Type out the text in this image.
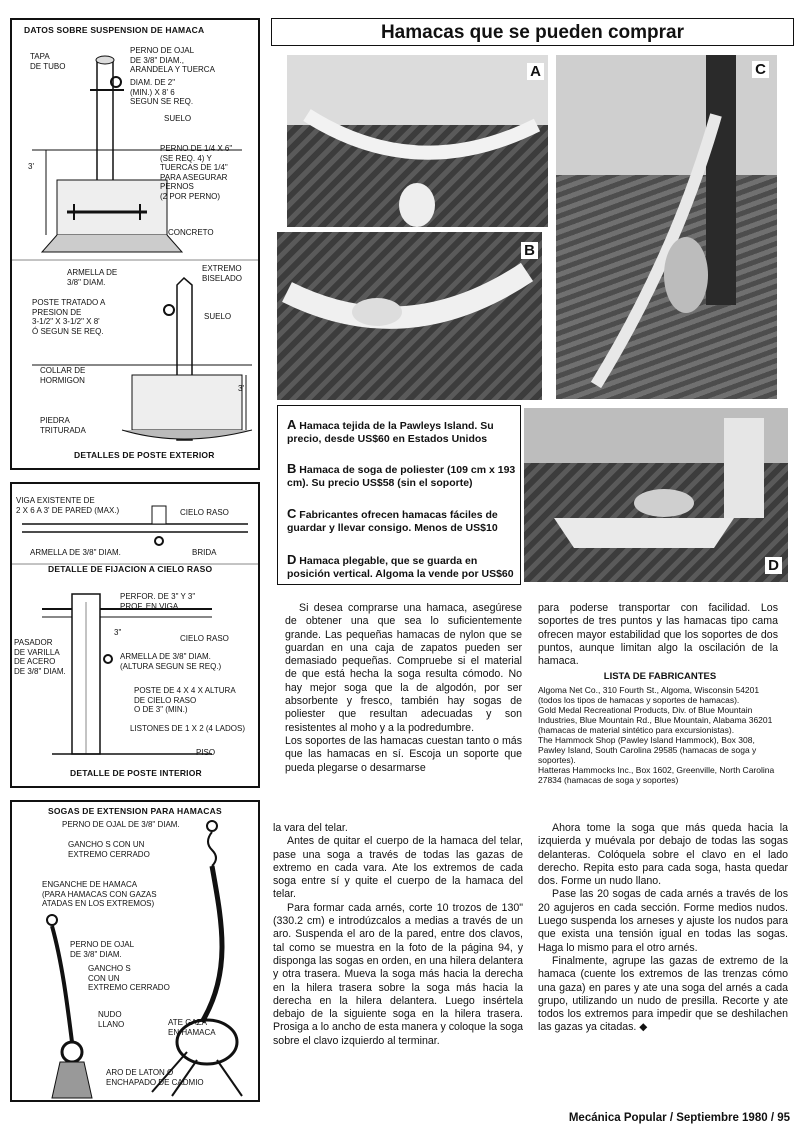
DATOS SOBRE SUSPENSION DE HAMACA
TAPA
DE TUBO
PERNO DE OJAL
DE 3/8" DIAM.,
ARANDELA Y TUERCA
DIAM. DE 2"
(MIN.) X 8' 6
SEGUN SE REQ.
SUELO
3'
PERNO DE 1/4 X 6"
(SE REQ. 4) Y
TUERCAS DE 1/4"
PARA ASEGURAR
PERNOS
(2 POR PERNO)
CONCRETO
ARMELLA DE
3/8" DIAM.
EXTREMO
BISELADO
POSTE TRATADO A
PRESION DE
3-1/2" X 3-1/2" X 8'
Ó SEGUN SE REQ.
SUELO
COLLAR DE
HORMIGON
3'
PIEDRA
TRITURADA
DETALLES DE POSTE EXTERIOR
VIGA EXISTENTE DE
2 X 6 A 3' DE PARED (MAX.)	CIELO RASO
ARMELLA DE 3/8" DIAM.	BRIDA
DETALLE DE FIJACION A CIELO RASO
PERFOR. DE 3" Y 3"
PROF. EN VIGA
3"
CIELO RASO
PASADOR
DE VARILLA
DE ACERO
DE 3/8" DIAM.
ARMELLA DE 3/8" DIAM.
(ALTURA SEGUN SE REQ.)
POSTE DE 4 X 4 X ALTURA
DE CIELO RASO
O DE 3" (MIN.)
LISTONES DE 1 X 2 (4 LADOS)
PISO
DETALLE DE POSTE INTERIOR
SOGAS DE EXTENSION PARA HAMACAS
PERNO DE OJAL DE 3/8" DIAM.
GANCHO S CON UN
EXTREMO CERRADO
ENGANCHE DE HAMACA
(PARA HAMACAS CON GAZAS
ATADAS EN LOS EXTREMOS)
PERNO DE OJAL
DE 3/8" DIAM.
GANCHO S
CON UN
EXTREMO CERRADO
NUDO
LLANO	ATE GAZA
EN HAMACA
ARO DE LATON O
ENCHAPADO DE CADMIO
Hamacas que se pueden comprar
A
B
C
A Hamaca tejida de la Pawleys Island. Su precio, desde US$60 en Estados Unidos
B Hamaca de soga de poliester (109 cm x 193 cm). Su precio US$58 (sin el soporte)
C Fabricantes ofrecen hamacas fáciles de guardar y llevar consigo. Menos de US$10
D Hamaca plegable, que se guarda en posición vertical. Algoma la vende por US$60	D

Si desea comprarse una hamaca, asegúrese de obtener una que sea lo suficientemente grande. Las pequeñas hamacas de nylon que se guardan en una caja de zapatos pueden ser demasiado pequeñas. Compruebe si el material de que está hecha la soga resulta cómodo. No hay mejor soga que la de algodón, por ser absorbente y fresco, también hay sogas de poliester que resultan adecuadas y son resistentes al moho y a la podredumbre.

Los soportes de las hamacas cuestan tanto o más que las hamacas en sí. Escoja un soporte que pueda plegarse o desarmarse

para poderse transportar con facilidad. Los soportes de tres puntos y las hamacas tipo cama ofrecen mayor estabilidad que los soportes de dos puntos, aunque limitan algo la oscilación de la hamaca.

LISTA DE FABRICANTES
Algoma Net Co., 310 Fourth St., Algoma, Wisconsin 54201 (todos los tipos de hamacas y soportes de hamacas).
Gold Medal Recreational Products, Div. of Blue Mountain Industries, Blue Mountain Rd., Blue Mountain, Alabama 36201 (hamacas de material sintético para excursionistas).
The Hammock Shop (Pawley Island Hammock), Box 308, Pawley Island, South Carolina 29585 (hamacas de soga y soportes).
Hatteras Hammocks Inc., Box 1602, Greenville, North Carolina 27834 (hamacas de soga y soportes)

la vara del telar.

Antes de quitar el cuerpo de la hamaca del telar, pase una soga a través de todas las gazas de extremo en cada vara. Ate los extremos de cada soga entre sí y quite el cuerpo de la hamaca del telar.

Para formar cada arnés, corte 10 trozos de 130" (330.2 cm) e introdúzcalos a medias a través de un aro. Suspenda el aro de la pared, entre dos clavos, tal como se muestra en la foto de la página 94, y disponga las sogas en orden, en una hilera delantera y otra trasera. Mueva la soga más hacia la derecha en la hilera trasera sobre la soga más hacia la derecha en la hilera delantera. Luego insértela debajo de la siguiente soga en la hilera trasera. Prosiga a lo ancho de esta manera y coloque la soga sobre el clavo izquierdo al terminar.

Ahora tome la soga que más queda hacia la izquierda y muévala por debajo de todas las sogas delanteras. Colóquela sobre el clavo en el lado derecho. Repita esto para cada soga, hasta quedar dos. Forme un nudo llano.

Pase las 20 sogas de cada arnés a través de los 20 agujeros en cada sección. Forme medios nudos. Luego suspenda los arneses y ajuste los nudos para que exista una tensión igual en todas las sogas. Haga lo mismo para el otro arnés.

Finalmente, agrupe las gazas de extremo de la hamaca (cuente los extremos de las trenzas cómo una gaza) en pares y ate una soga del arnés a cada grupo, utilizando un nudo de presilla. Recorte y ate todos los extremos para impedir que se deshilachen las gazas ya citadas. ◆

Mecánica Popular / Septiembre 1980 / 95
